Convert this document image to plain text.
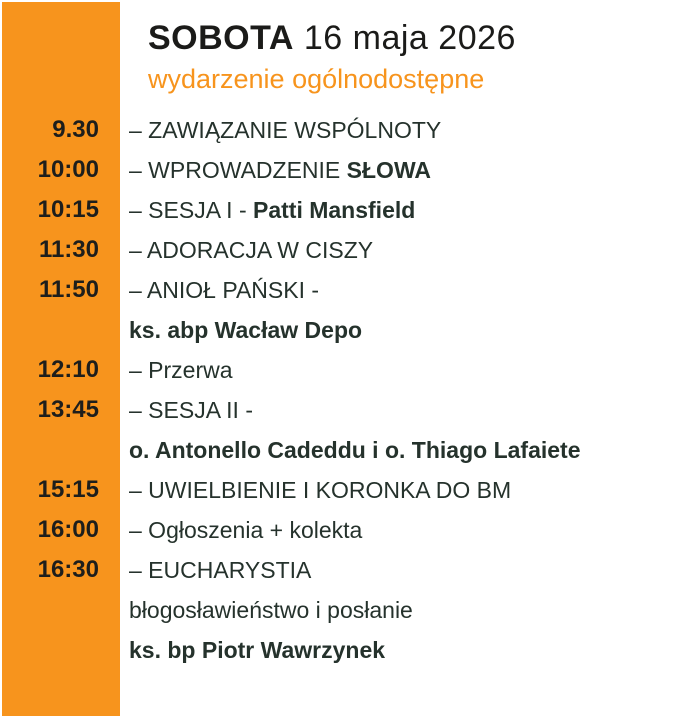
SOBOTA 16 maja 2026
wydarzenie ogólnodostępne
9.30	– ZAWIĄZANIE WSPÓLNOTY
10:00	– WPROWADZENIE SŁOWA
10:15	– SESJA I - Patti Mansfield
11:30	– ADORACJA W CISZY
11:50	– ANIOŁ PAŃSKI -
ks. abp Wacław Depo
12:10	– Przerwa
13:45	– SESJA II -
o. Antonello Cadeddu i o. Thiago Lafaiete
15:15	– UWIELBIENIE I KORONKA DO BM
16:00	– Ogłoszenia + kolekta
16:30	– EUCHARYSTIA
błogosławieństwo i posłanie
ks. bp Piotr Wawrzynek
